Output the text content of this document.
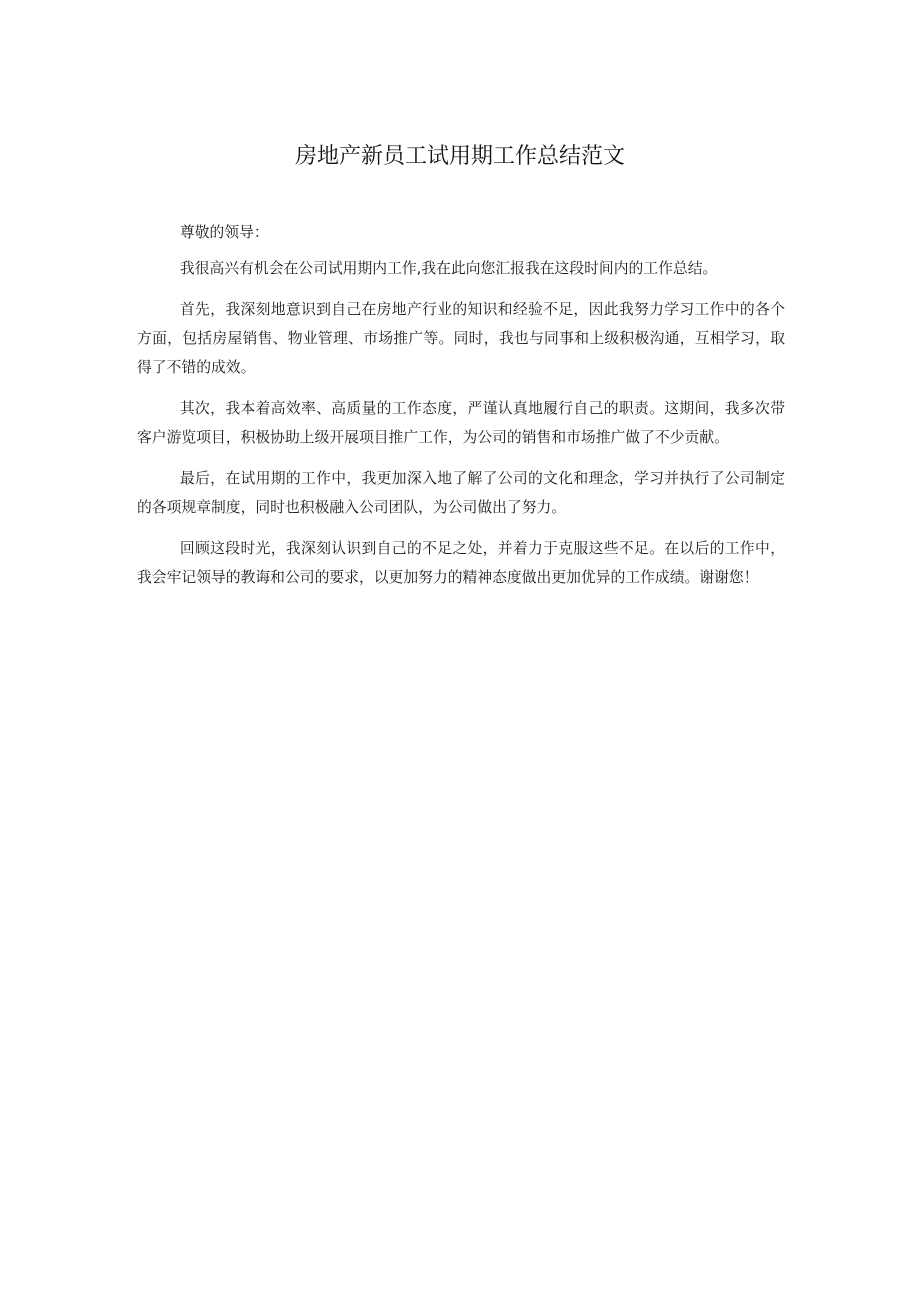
房地产新员工试用期工作总结范文

尊敬的领导：

我很高兴有机会在公司试用期内工作,我在此向您汇报我在这段时间内的工作总结。

首先，我深刻地意识到自己在房地产行业的知识和经验不足，因此我努力学习工作中的各个方面，包括房屋销售、物业管理、市场推广等。同时，我也与同事和上级积极沟通，互相学习，取得了不错的成效。

其次，我本着高效率、高质量的工作态度，严谨认真地履行自己的职责。这期间，我多次带客户游览项目，积极协助上级开展项目推广工作，为公司的销售和市场推广做了不少贡献。

最后，在试用期的工作中，我更加深入地了解了公司的文化和理念，学习并执行了公司制定的各项规章制度，同时也积极融入公司团队，为公司做出了努力。

回顾这段时光，我深刻认识到自己的不足之处，并着力于克服这些不足。在以后的工作中，我会牢记领导的教诲和公司的要求，以更加努力的精神态度做出更加优异的工作成绩。谢谢您！
